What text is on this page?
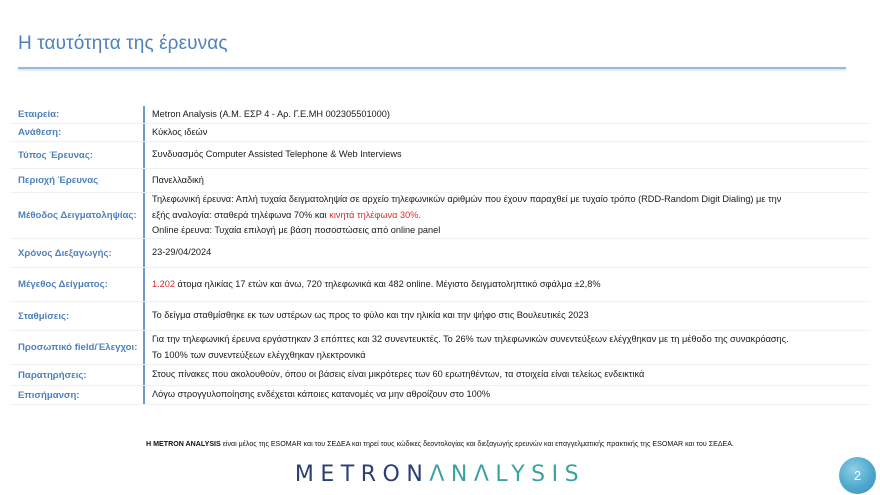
Η ταυτότητα της έρευνας
Εταιρεία:	Metron Analysis (Α.Μ. ΕΣΡ 4 - Αρ. Γ.Ε.ΜΗ 002305501000)
Ανάθεση:	Κύκλος ιδεών
Τύπος Έρευνας:	Συνδυασμός Computer Assisted Telephone & Web Interviews
Περιοχή Έρευνας	Πανελλαδική
Μέθοδος Δειγματοληψίας:
Τηλεφωνική έρευνα: Απλή τυχαία δειγματοληψία σε αρχείο τηλεφωνικών αριθμών που έχουν παραχθεί με τυχαίο τρόπο (RDD-Random Digit Dialing) με την
εξής αναλογία: σταθερά τηλέφωνα 70% και κινητά τηλέφωνα 30%.
Online έρευνα: Τυχαία επιλογή με βάση ποσοστώσεις από online panel
Χρόνος Διεξαγωγής:	23-29/04/2024
Μέγεθος Δείγματος:	1.202 άτομα ηλικίας 17 ετών και άνω, 720 τηλεφωνικά και 482 online. Μέγιστο δειγματοληπτικό σφάλμα ±2,8%
Σταθμίσεις:	Το δείγμα σταθμίσθηκε εκ των υστέρων ως προς το φύλο και την ηλικία και την ψήφο στις Βουλευτικές 2023
Προσωπικό field/Έλεγχοι:
Για την τηλεφωνική έρευνα εργάστηκαν 3 επόπτες και 32 συνεντευκτές. Το 26% των τηλεφωνικών συνεντεύξεων ελέγχθηκαν με τη μέθοδο της συνακρόασης.
Το 100% των συνεντεύξεων ελέγχθηκαν ηλεκτρονικά
Παρατηρήσεις:	Στους πίνακες που ακολουθούν, όπου οι βάσεις είναι μικρότερες των 60 ερωτηθέντων, τα στοιχεία είναι τελείως ενδεικτικά
Επισήμανση:	Λόγω στρογγυλοποίησης ενδέχεται κάποιες κατανομές να μην αθροίζουν στο 100%
Η METRON ANALYSIS είναι μέλος της ESOMAR και του ΣΕΔΕΑ και τηρεί τους κώδικες δεοντολογίας και διεξαγωγής ερευνών και επαγγελματικής πρακτικής της ESOMAR και του ΣΕΔΕΑ.
METRONΛNΛLYSIS	2
